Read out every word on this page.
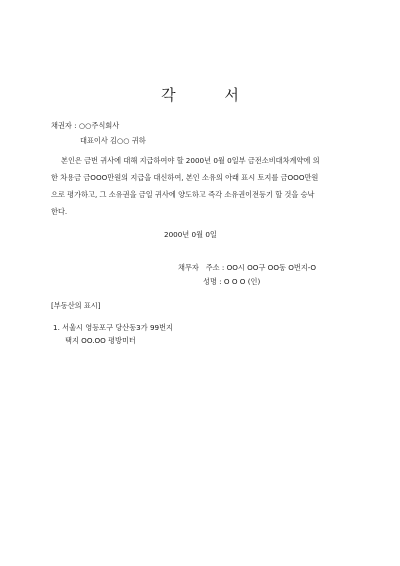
각 서
채권자 : ○○주식회사
대표이사 김○○ 귀하
본인은 금번 귀사에 대해 지급하여야 할 2000년 0월 0일부 금전소비대차계약에 의
한 차용금 금OOO만원의 지급을 대신하여, 본인 소유의 아래 표시 토지를 금OOO만원
으로 평가하고, 그 소유권을 금일 귀사에 양도하고 즉각 소유권이전등기 할 것을 승낙
한다.
2000년 0월 0일
채무자 주소 : OO시 OO구 OO동 O번지-O
성명 : O O O (인)
[부동산의 표시]
1. 서울시 영등포구 당산동3가 99번지
택지 OO.OO 평방미터
